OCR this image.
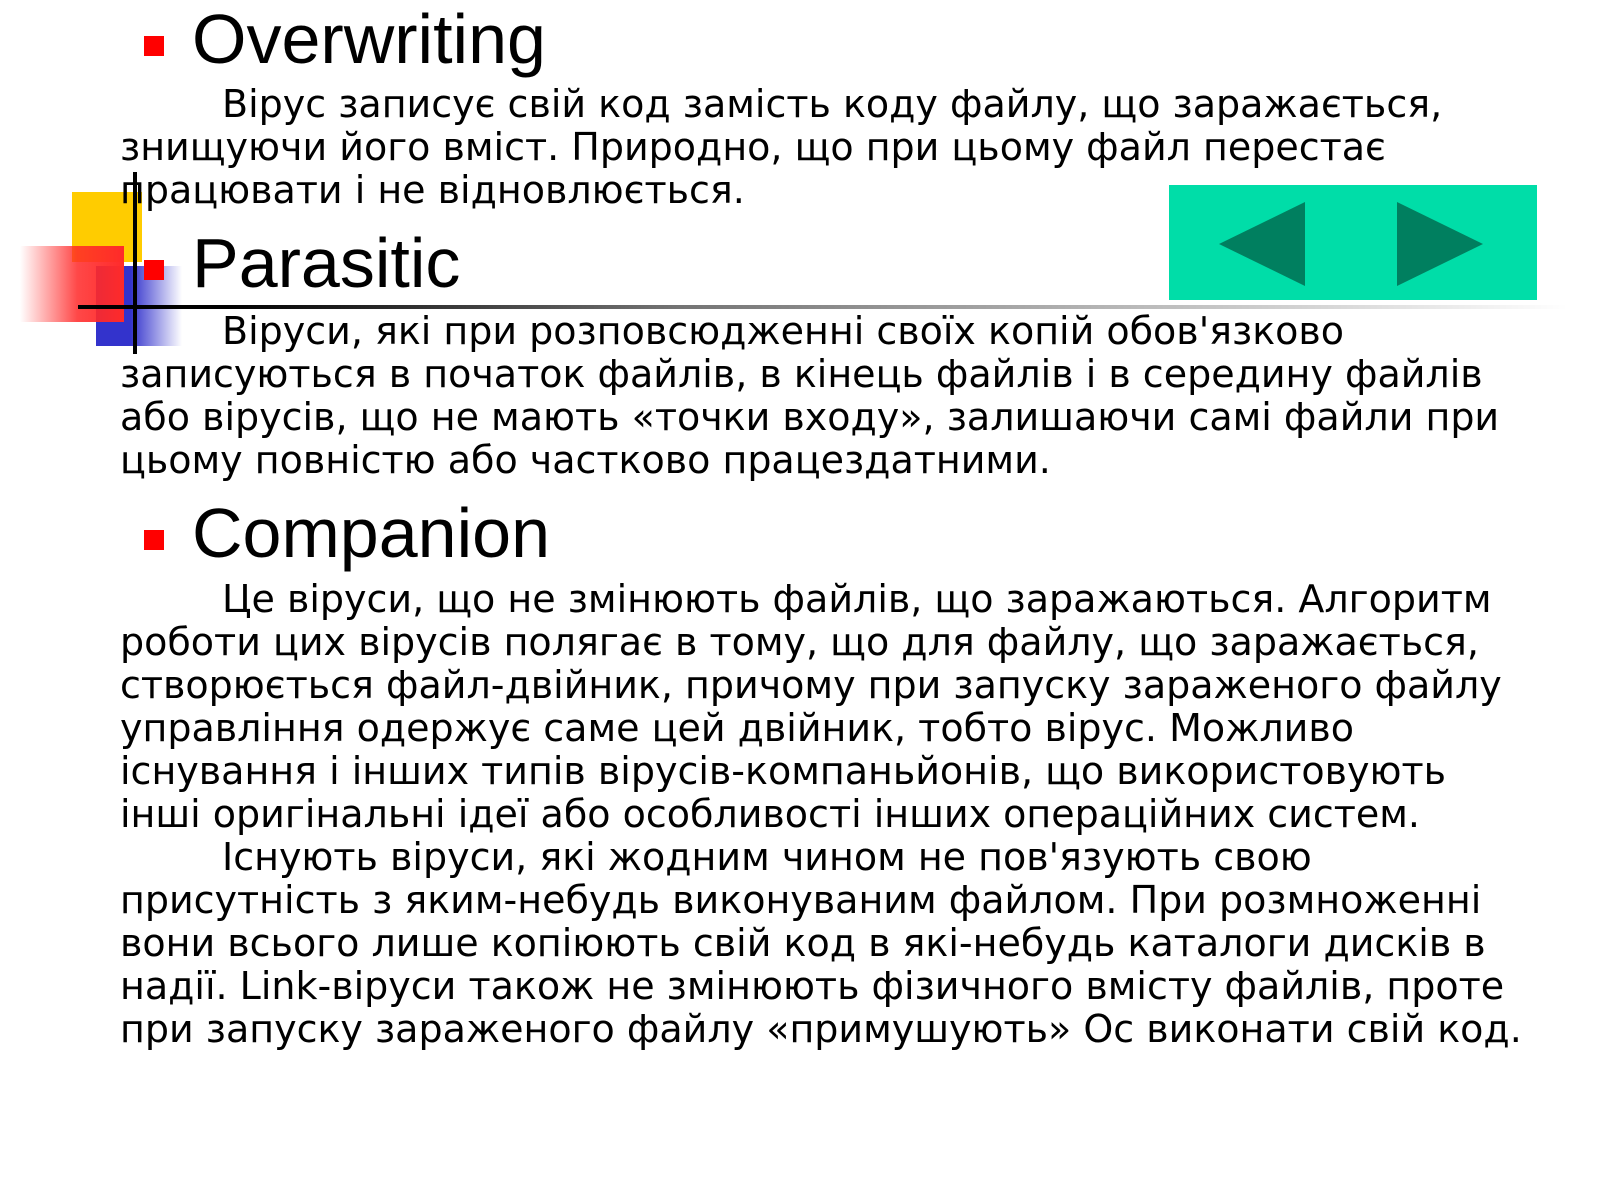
Overwriting

Вірус записує свій код замість коду файлу, що заражається,
знищуючи його вміст. Природно, що при цьому файл перестає
працювати і не відновлюється.

Parasitic

Віруси, які при розповсюдженні своїх копій обов'язково
записуються в початок файлів, в кінець файлів і в середину файлів
або вірусів, що не мають «точки входу», залишаючи самі файли при
цьому повністю або частково працездатними.

Companion

Це віруси, що не змінюють файлів, що заражаються. Алгоритм
роботи цих вірусів полягає в тому, що для файлу, що заражається,
створюється файл-двійник, причому при запуску зараженого файлу
управління одержує саме цей двійник, тобто вірус. Можливо
існування і інших типів вірусів-компаньйонів, що використовують
інші оригінальні ідеї або особливості інших операційних систем.

Існують віруси, які жодним чином не пов'язують свою
присутність з яким-небудь виконуваним файлом. При розмноженні
вони всього лише копіюють свій код в які-небудь каталоги дисків в
надії. Link-віруси також не змінюють фізичного вмісту файлів, проте
при запуску зараженого файлу «примушують» Ос виконати свій код.
